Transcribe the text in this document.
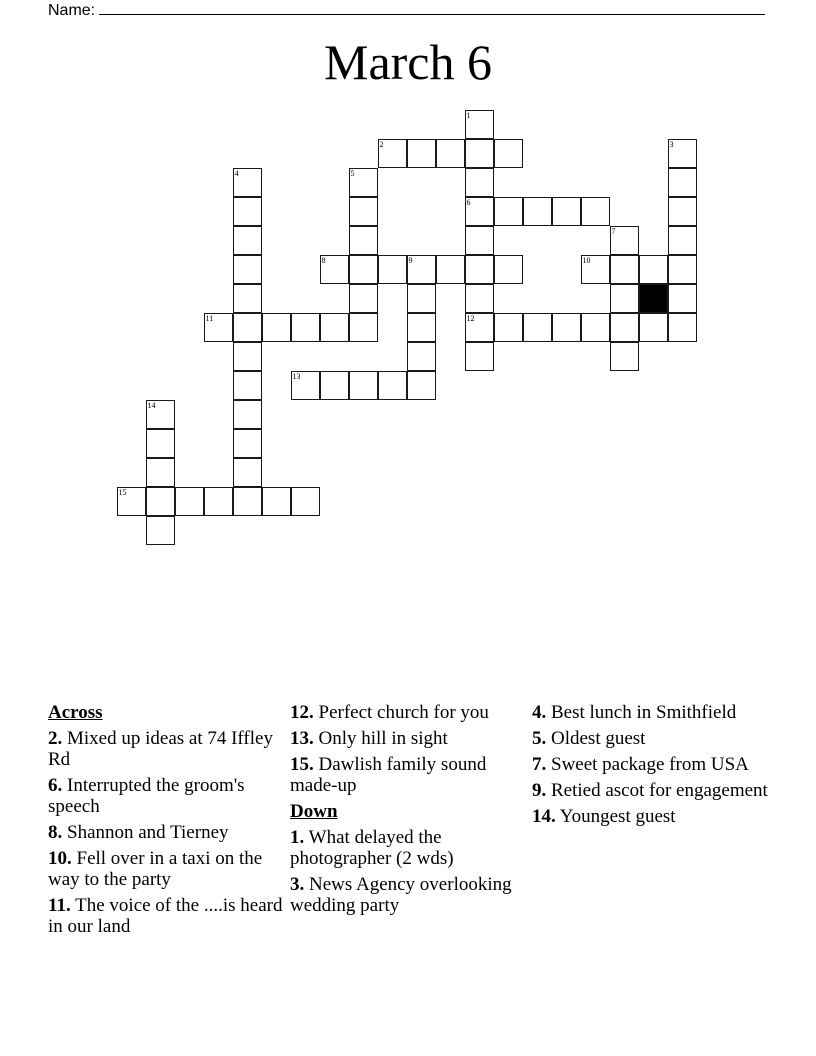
Name:
March 6
1
6
12
2	3
4	5
7
8	9	10
11
13
14
15
Across
2. Mixed up ideas at 74 Iffley Rd
6. Interrupted the groom's speech
8. Shannon and Tierney
10. Fell over in a taxi on the way to the party
11. The voice of the ....is heard in our land
12. Perfect church for you
13. Only hill in sight
15. Dawlish family sound made-up
Down
1. What delayed the photographer (2 wds)
3. News Agency overlooking wedding party
4. Best lunch in Smithfield
5. Oldest guest
7. Sweet package from USA
9. Retied ascot for engagement
14. Youngest guest
